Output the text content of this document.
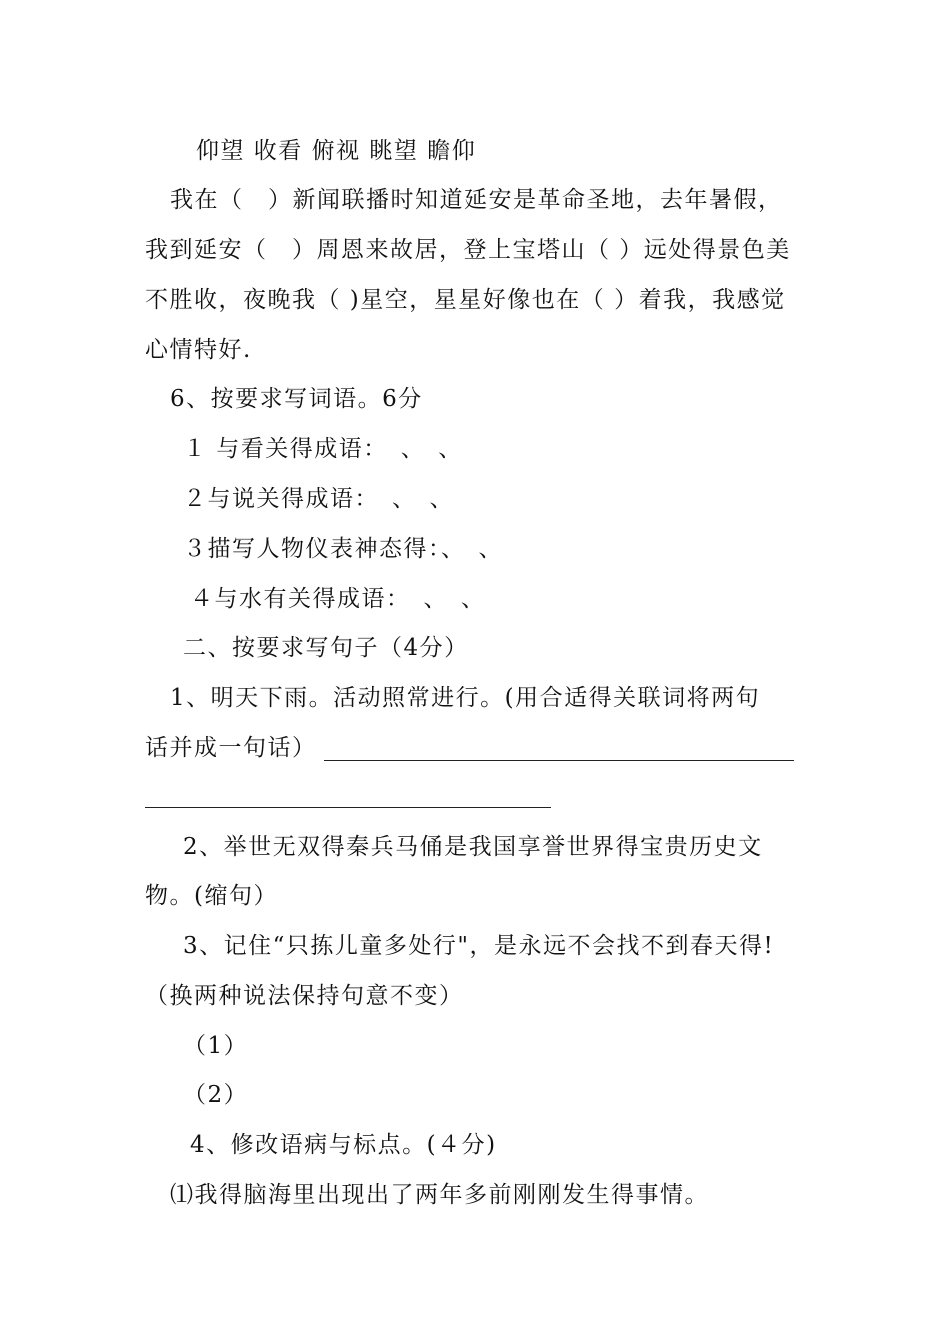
仰望 收看 俯视 眺望 瞻仰
我在（　）新闻联播时知道延安是革命圣地，去年暑假，
我到延安（　）周恩来故居，登上宝塔山（ ）远处得景色美
不胜收，夜晚我（ )星空，星星好像也在（ ）着我，我感觉
心情特好.
6、按要求写词语。6分
１ 与看关得成语：　、　、
２与说关得成语：　、　、
３描写人物仪表神态得：、　、
４与水有关得成语：　、　、
二、按要求写句子（4分）
1、明天下雨。活动照常进行。(用合适得关联词将两句
话并成一句话）
2、举世无双得秦兵马俑是我国享誉世界得宝贵历史文
物。(缩句）
3、记住“只拣儿童多处行"，是永远不会找不到春天得!
（换两种说法保持句意不变）
（1）
（2）
4、修改语病与标点。(４分)
⑴我得脑海里出现出了两年多前刚刚发生得事情。
